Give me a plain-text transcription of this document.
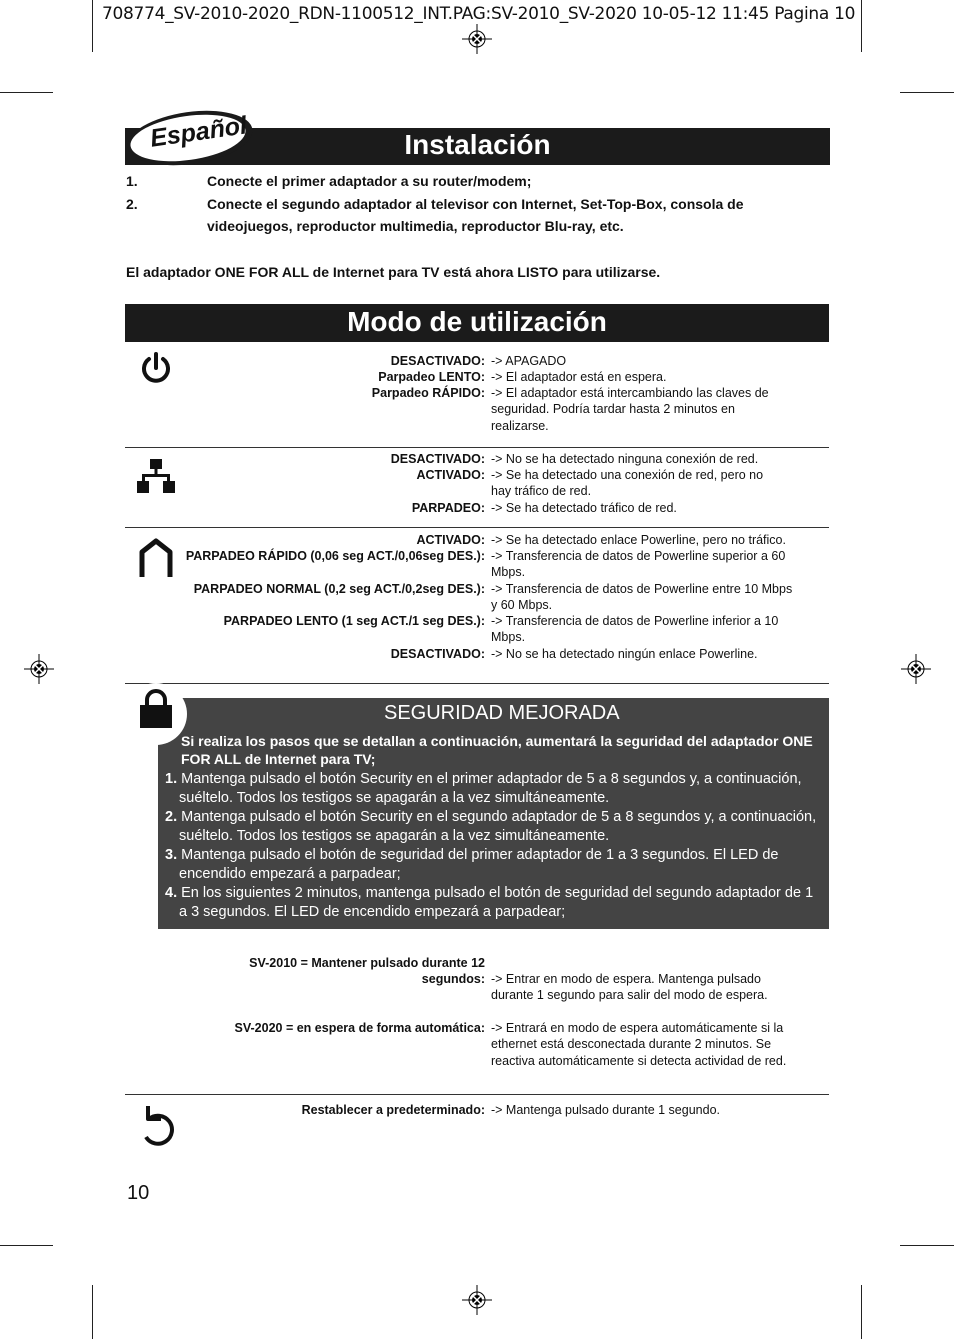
708774_SV-2010-2020_RDN-1100512_INT.PAG:SV-2010_SV-2020 10-05-12 11:45 Pagina 10
Instalación
Español
1.	Conecte el primer adaptador a su router/modem;
2.	Conecte el segundo adaptador al televisor con Internet, Set-Top-Box, consola de videojuegos, reproductor multimedia, reproductor Blu-ray, etc.
El adaptador ONE FOR ALL de Internet para TV está ahora LISTO para utilizarse.
Modo de utilización
DESACTIVADO:
Parpadeo LENTO:
Parpadeo RÁPIDO:
-> APAGADO
-> El adaptador está en espera.
-> El adaptador está intercambiando las claves de seguridad. Podría tardar hasta 2 minutos en realizarse.
DESACTIVADO:
ACTIVADO:
PARPADEO:
-> No se ha detectado ninguna conexión de red.
-> Se ha detectado una conexión de red, pero no hay tráfico de red.
-> Se ha detectado tráfico de red.
ACTIVADO:
PARPADEO RÁPIDO (0,06 seg ACT./0,06seg DES.):
PARPADEO NORMAL (0,2 seg ACT./0,2seg DES.):
PARPADEO LENTO (1 seg ACT./1 seg DES.):
DESACTIVADO:
-> Se ha detectado enlace Powerline, pero no tráfico.
-> Transferencia de datos de Powerline superior a 60 Mbps.
-> Transferencia de datos de Powerline entre 10 Mbps y 60 Mbps.
-> Transferencia de datos de Powerline inferior a 10 Mbps.
-> No se ha detectado ningún enlace Powerline.
SEGURIDAD MEJORADA
Si realiza los pasos que se detallan a continuación, aumentará la seguridad del adaptador ONE FOR ALL de Internet para TV;
1. Mantenga pulsado el botón Security en el primer adaptador de 5 a 8 segundos y, a continuación, suéltelo. Todos los testigos se apagarán a la vez simultáneamente.
2. Mantenga pulsado el botón Security en el segundo adaptador de 5 a 8 segundos y, a continuación, suéltelo. Todos los testigos se apagarán a la vez simultáneamente.
3. Mantenga pulsado el botón de seguridad del primer adaptador de 1 a 3 segundos. El LED de encendido empezará a parpadear;
4. En los siguientes 2 minutos, mantenga pulsado el botón de seguridad del segundo adaptador de 1 a 3 segundos. El LED de encendido empezará a parpadear;
SV-2010 = Mantener pulsado durante 12 segundos:
SV-2020 = en espera de forma automática:
-> Entrar en modo de espera. Mantenga pulsado durante 1 segundo para salir del modo de espera.
-> Entrará en modo de espera automáticamente si la ethernet está desconectada durante 2 minutos. Se reactiva automáticamente si detecta actividad de red.
Restablecer a predeterminado: -> Mantenga pulsado durante 1 segundo.
10
